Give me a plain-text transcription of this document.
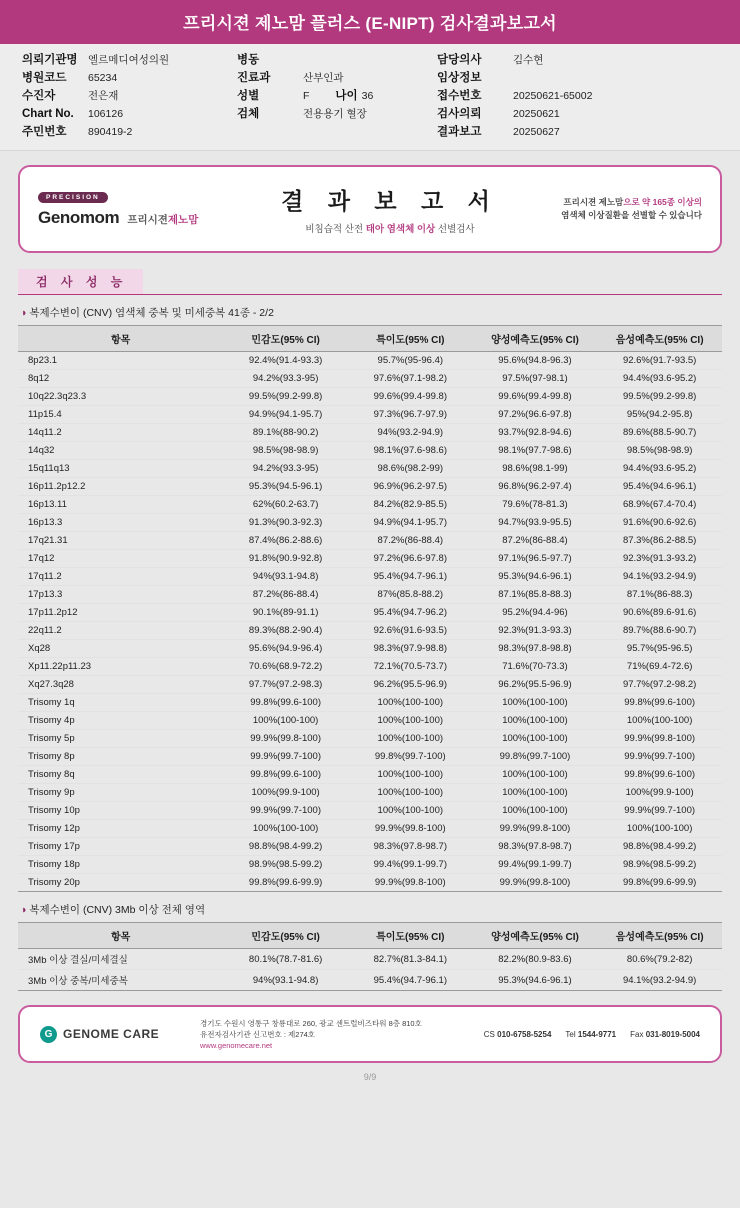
프리시젼 제노맘 플러스 (E-NIPT) 검사결과보고서
의뢰기관명 엘르메디여성의원
병원코드	65234
수진자	전은재
Chart No.	106126
주민번호	890419-2
병동
진료과	산부인과
성별	F 나이 36
검체	전용용기 혈장
담당의사	김수현
임상정보
접수번호	20250621-65002
검사의뢰	20250621
결과보고	20250627
PRECISION
Genomom 프리시젼제노맘
결 과 보 고 서
비침습적 산전 태아 염색체 이상 선별검사
프리시젼 제노맘으로 약 165종 이상의
염색체 이상질환을 선별할 수 있습니다
검 사 성 능
◑ 복제수변이 (CNV) 염색체 중복 및 미세중복 41종 - 2/2
항목	민감도(95% CI)	특이도(95% CI)	양성예측도(95% CI)	음성예측도(95% CI)
8p23.1	92.4%(91.4-93.3)	95.7%(95-96.4)	95.6%(94.8-96.3)	92.6%(91.7-93.5)
8q12	94.2%(93.3-95)	97.6%(97.1-98.2)	97.5%(97-98.1)	94.4%(93.6-95.2)
10q22.3q23.3	99.5%(99.2-99.8)	99.6%(99.4-99.8)	99.6%(99.4-99.8)	99.5%(99.2-99.8)
11p15.4	94.9%(94.1-95.7)	97.3%(96.7-97.9)	97.2%(96.6-97.8)	95%(94.2-95.8)
14q11.2	89.1%(88-90.2)	94%(93.2-94.9)	93.7%(92.8-94.6)	89.6%(88.5-90.7)
14q32	98.5%(98-98.9)	98.1%(97.6-98.6)	98.1%(97.7-98.6)	98.5%(98-98.9)
15q11q13	94.2%(93.3-95)	98.6%(98.2-99)	98.6%(98.1-99)	94.4%(93.6-95.2)
16p11.2p12.2	95.3%(94.5-96.1)	96.9%(96.2-97.5)	96.8%(96.2-97.4)	95.4%(94.6-96.1)
16p13.11	62%(60.2-63.7)	84.2%(82.9-85.5)	79.6%(78-81.3)	68.9%(67.4-70.4)
16p13.3	91.3%(90.3-92.3)	94.9%(94.1-95.7)	94.7%(93.9-95.5)	91.6%(90.6-92.6)
17q21.31	87.4%(86.2-88.6)	87.2%(86-88.4)	87.2%(86-88.4)	87.3%(86.2-88.5)
17q12	91.8%(90.9-92.8)	97.2%(96.6-97.8)	97.1%(96.5-97.7)	92.3%(91.3-93.2)
17q11.2	94%(93.1-94.8)	95.4%(94.7-96.1)	95.3%(94.6-96.1)	94.1%(93.2-94.9)
17p13.3	87.2%(86-88.4)	87%(85.8-88.2)	87.1%(85.8-88.3)	87.1%(86-88.3)
17p11.2p12	90.1%(89-91.1)	95.4%(94.7-96.2)	95.2%(94.4-96)	90.6%(89.6-91.6)
22q11.2	89.3%(88.2-90.4)	92.6%(91.6-93.5)	92.3%(91.3-93.3)	89.7%(88.6-90.7)
Xq28	95.6%(94.9-96.4)	98.3%(97.9-98.8)	98.3%(97.8-98.8)	95.7%(95-96.5)
Xp11.22p11.23	70.6%(68.9-72.2)	72.1%(70.5-73.7)	71.6%(70-73.3)	71%(69.4-72.6)
Xq27.3q28	97.7%(97.2-98.3)	96.2%(95.5-96.9)	96.2%(95.5-96.9)	97.7%(97.2-98.2)
Trisomy 1q	99.8%(99.6-100)	100%(100-100)	100%(100-100)	99.8%(99.6-100)
Trisomy 4p	100%(100-100)	100%(100-100)	100%(100-100)	100%(100-100)
Trisomy 5p	99.9%(99.8-100)	100%(100-100)	100%(100-100)	99.9%(99.8-100)
Trisomy 8p	99.9%(99.7-100)	99.8%(99.7-100)	99.8%(99.7-100)	99.9%(99.7-100)
Trisomy 8q	99.8%(99.6-100)	100%(100-100)	100%(100-100)	99.8%(99.6-100)
Trisomy 9p	100%(99.9-100)	100%(100-100)	100%(100-100)	100%(99.9-100)
Trisomy 10p	99.9%(99.7-100)	100%(100-100)	100%(100-100)	99.9%(99.7-100)
Trisomy 12p	100%(100-100)	99.9%(99.8-100)	99.9%(99.8-100)	100%(100-100)
Trisomy 17p	98.8%(98.4-99.2)	98.3%(97.8-98.7)	98.3%(97.8-98.7)	98.8%(98.4-99.2)
Trisomy 18p	98.9%(98.5-99.2)	99.4%(99.1-99.7)	99.4%(99.1-99.7)	98.9%(98.5-99.2)
Trisomy 20p	99.8%(99.6-99.9)	99.9%(99.8-100)	99.9%(99.8-100)	99.8%(99.6-99.9)
◑ 복제수변이 (CNV) 3Mb 이상 전체 영역
항목	민감도(95% CI)	특이도(95% CI)	양성예측도(95% CI)	음성예측도(95% CI)
3Mb 이상 결실/미세결실	80.1%(78.7-81.6)	82.7%(81.3-84.1)	82.2%(80.9-83.6)	80.6%(79.2-82)
3Mb 이상 중복/미세중복	94%(93.1-94.8)	95.4%(94.7-96.1)	95.3%(94.6-96.1)	94.1%(93.2-94.9)
G GENOME CARE
경기도 수원시 영통구 창룡대로 260, 광교 센트럴비즈타워 8층 810호
유전자검사기관 신고번호 : 제274호
www.genomecare.net
CS 010-6758-5254 Tel 1544-9771 Fax 031-8019-5004
9/9
